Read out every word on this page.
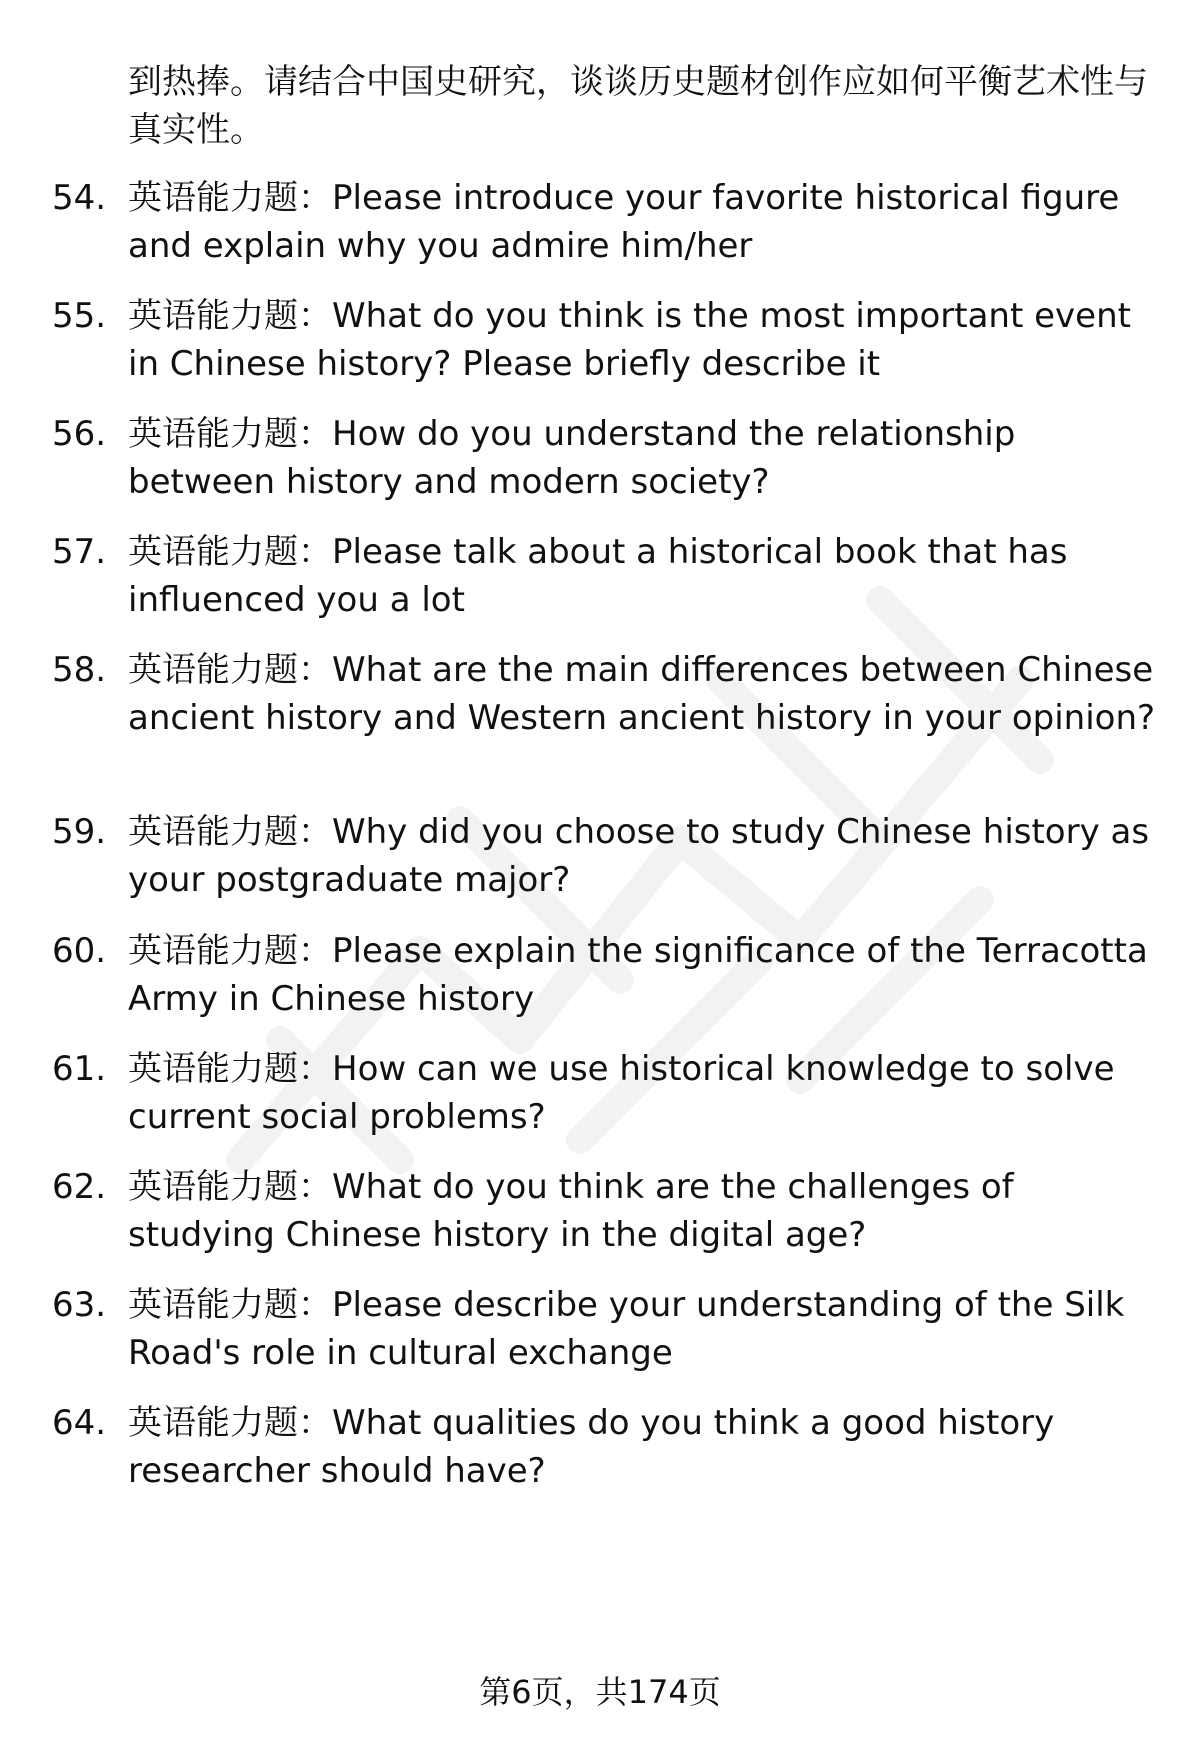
到热捧。请结合中国史研究，谈谈历史题材创作应如何平衡艺术性与真实性。
54. 英语能力题：Please introduce your favorite historical figure and explain why you admire him/her
55. 英语能力题：What do you think is the most important event in Chinese history? Please briefly describe it
56. 英语能力题：How do you understand the relationship between history and modern society?
57. 英语能力题：Please talk about a historical book that has influenced you a lot
58. 英语能力题：What are the main differences between Chinese ancient history and Western ancient history in your opinion?
59. 英语能力题：Why did you choose to study Chinese history as your postgraduate major?
60. 英语能力题：Please explain the significance of the Terracotta Army in Chinese history
61. 英语能力题：How can we use historical knowledge to solve current social problems?
62. 英语能力题：What do you think are the challenges of studying Chinese history in the digital age?
63. 英语能力题：Please describe your understanding of the Silk Road's role in cultural exchange
64. 英语能力题：What qualities do you think a good history researcher should have?
第6页，共174页
